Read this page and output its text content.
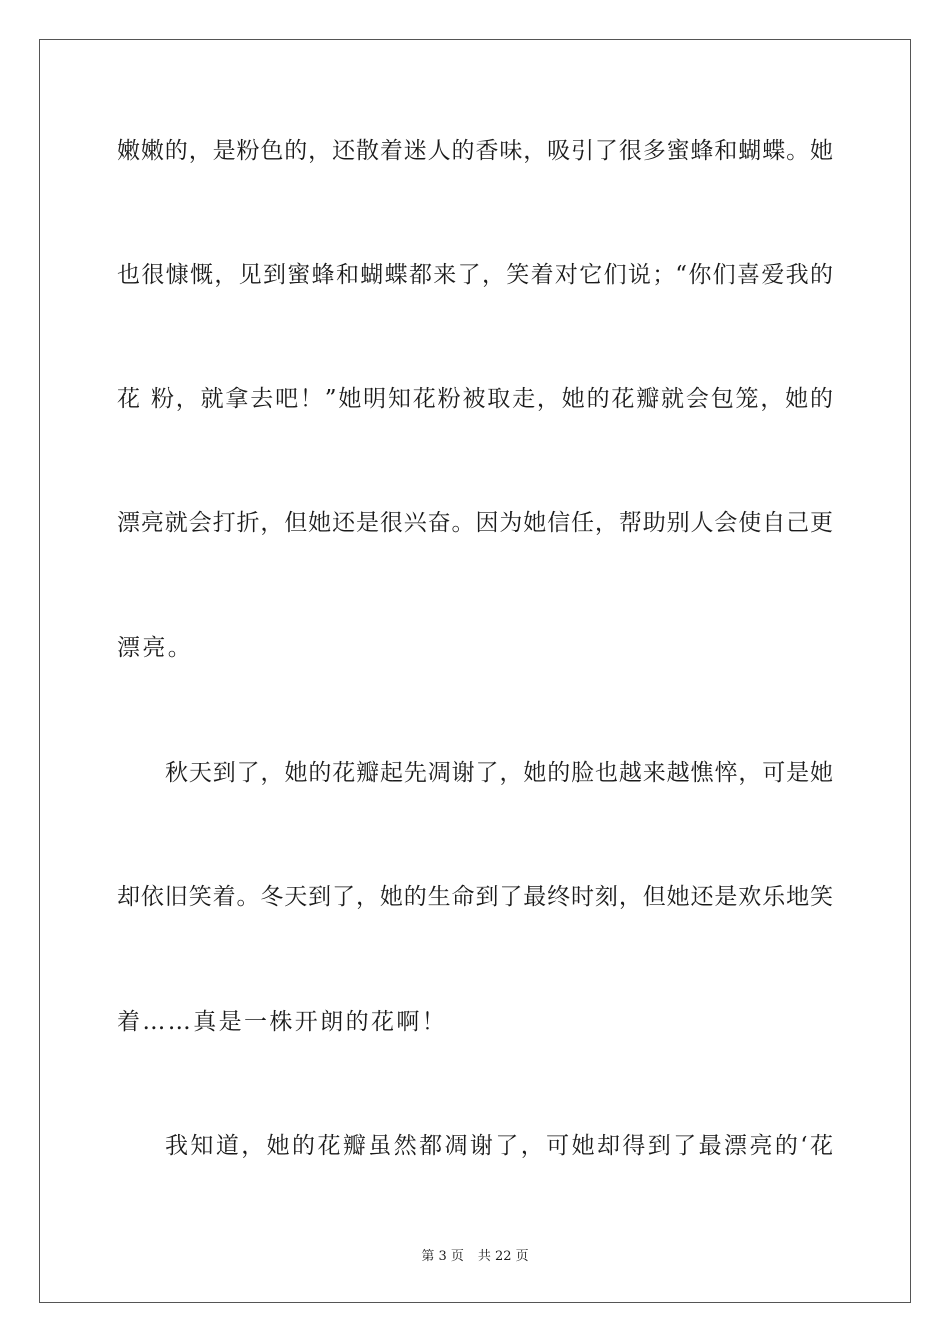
嫩嫩的，是粉色的，还散着迷人的香味，吸引了很多蜜蜂和蝴蝶。她
也很慷慨，见到蜜蜂和蝴蝶都来了，笑着对它们说；“你们喜爱我的
花 粉，就拿去吧！”她明知花粉被取走，她的花瓣就会包笼，她的
漂亮就会打折，但她还是很兴奋。因为她信任，帮助别人会使自己更
漂亮。
秋天到了，她的花瓣起先凋谢了，她的脸也越来越憔悴，可是她
却依旧笑着。冬天到了，她的生命到了最终时刻，但她还是欢乐地笑
着……真是一株开朗的花啊！
我知道，她的花瓣虽然都凋谢了，可她却得到了最漂亮的‘花
第 3 页 共 22 页
